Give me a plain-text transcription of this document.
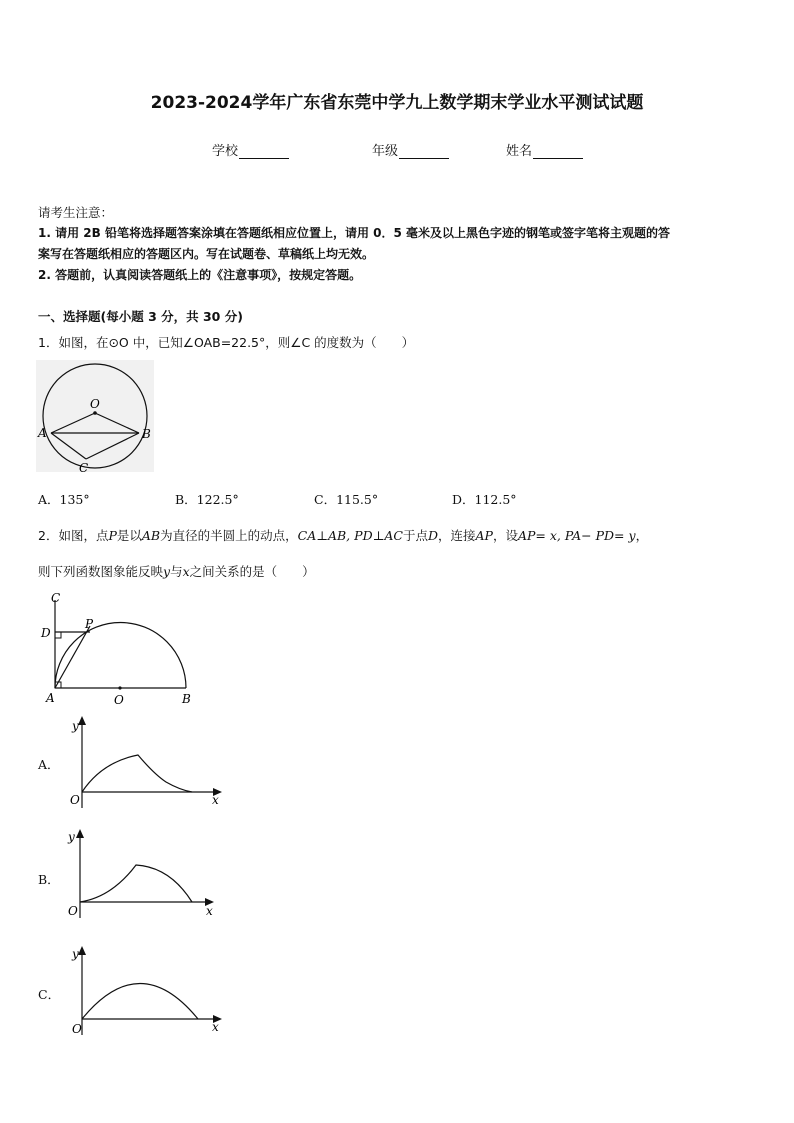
2023-2024学年广东省东莞中学九上数学期末学业水平测试试题
学校	年级	姓名
请考生注意：
1. 请用 2B 铅笔将选择题答案涂填在答题纸相应位置上，请用 0．5 毫米及以上黑色字迹的钢笔或签字笔将主观题的答
案写在答题纸相应的答题区内。写在试题卷、草稿纸上均无效。
2. 答题前，认真阅读答题纸上的《注意事项》，按规定答题。
一、选择题(每小题 3 分，共 30 分)
1．如图，在⊙O 中，已知∠OAB=22.5°，则∠C 的度数为（　　）
O
A	B
C
A．135°	B．122.5°	C．115.5°	D．112.5°
2．如图，点P是以AB为直径的半圆上的动点，CA⊥AB, PD⊥AC于点D，连接AP，设AP= x, PA− PD= y，
则下列函数图象能反映y与x之间关系的是（　　）
C
D
P
A	O	B
A．
y
x
O
B．
y
x
O
C．
y
x
O
